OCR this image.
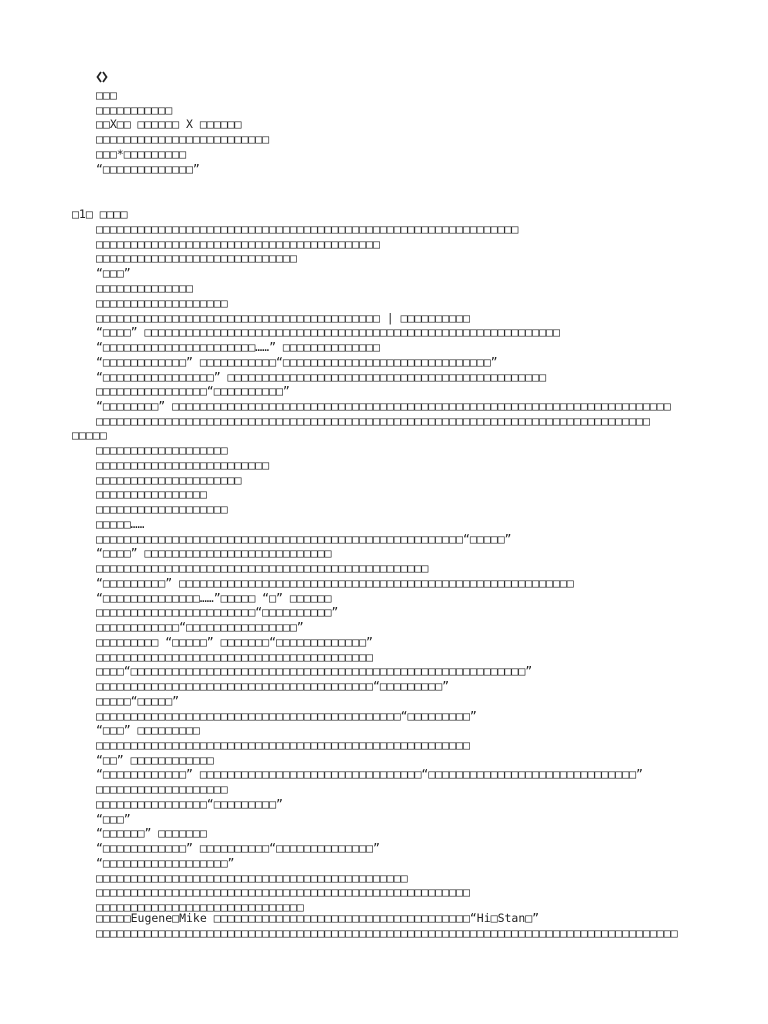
□□□
□□□□□□□□□□□
□□X□□ □□□□□□ X □□□□□□
□□□□□□□□□□□□□□□□□□□□□□□□□
□□□*□□□□□□□□□
“□□□□□□□□□□□□□”
□1□ □□□□
□□□□□□□□□□□□□□□□□□□□□□□□□□□□□□□□□□□□□□□□□□□□□□□□□□□□□□□□□□□□□
□□□□□□□□□□□□□□□□□□□□□□□□□□□□□□□□□□□□□□□□□
□□□□□□□□□□□□□□□□□□□□□□□□□□□□□
“□□□”
□□□□□□□□□□□□□□
□□□□□□□□□□□□□□□□□□□
□□□□□□□□□□□□□□□□□□□□□□□□□□□□□□□□□□□□□□□□□ | □□□□□□□□□□
“□□□□” □□□□□□□□□□□□□□□□□□□□□□□□□□□□□□□□□□□□□□□□□□□□□□□□□□□□□□□□□□□□
“□□□□□□□□□□□□□□□□□□□□□□……” □□□□□□□□□□□□□□
“□□□□□□□□□□□□” □□□□□□□□□□□“□□□□□□□□□□□□□□□□□□□□□□□□□□□□□□”
“□□□□□□□□□□□□□□□□” □□□□□□□□□□□□□□□□□□□□□□□□□□□□□□□□□□□□□□□□□□□□□□
□□□□□□□□□□□□□□□□“□□□□□□□□□□”
“□□□□□□□□” □□□□□□□□□□□□□□□□□□□□□□□□□□□□□□□□□□□□□□□□□□□□□□□□□□□□□□□□□□□□□□□□□□□□□□□□
□□□□□□□□□□□□□□□□□□□□□□□□□□□□□□□□□□□□□□□□□□□□□□□□□□□□□□□□□□□□□□□□□□□□□□□□□□□□□□□□
□□□□□
□□□□□□□□□□□□□□□□□□□
□□□□□□□□□□□□□□□□□□□□□□□□□
□□□□□□□□□□□□□□□□□□□□□
□□□□□□□□□□□□□□□□
□□□□□□□□□□□□□□□□□□□
□□□□□……
□□□□□□□□□□□□□□□□□□□□□□□□□□□□□□□□□□□□□□□□□□□□□□□□□□□□□“□□□□□”
“□□□□” □□□□□□□□□□□□□□□□□□□□□□□□□□□
□□□□□□□□□□□□□□□□□□□□□□□□□□□□□□□□□□□□□□□□□□□□□□□□
“□□□□□□□□□” □□□□□□□□□□□□□□□□□□□□□□□□□□□□□□□□□□□□□□□□□□□□□□□□□□□□□□□□□
“□□□□□□□□□□□□□□……”□□□□□ “□” □□□□□□
□□□□□□□□□□□□□□□□□□□□□□□“□□□□□□□□□□”
□□□□□□□□□□□□“□□□□□□□□□□□□□□□□”
□□□□□□□□□ “□□□□□” □□□□□□□“□□□□□□□□□□□□□”
□□□□□□□□□□□□□□□□□□□□□□□□□□□□□□□□□□□□□□□□
□□□□“□□□□□□□□□□□□□□□□□□□□□□□□□□□□□□□□□□□□□□□□□□□□□□□□□□□□□□□□□”
□□□□□□□□□□□□□□□□□□□□□□□□□□□□□□□□□□□□□□□□“□□□□□□□□□”
□□□□□“□□□□□”
□□□□□□□□□□□□□□□□□□□□□□□□□□□□□□□□□□□□□□□□□□□□“□□□□□□□□□”
“□□□” □□□□□□□□□
□□□□□□□□□□□□□□□□□□□□□□□□□□□□□□□□□□□□□□□□□□□□□□□□□□□□□□
“□□” □□□□□□□□□□□□
“□□□□□□□□□□□□” □□□□□□□□□□□□□□□□□□□□□□□□□□□□□□□□“□□□□□□□□□□□□□□□□□□□□□□□□□□□□□□”
□□□□□□□□□□□□□□□□□□□
□□□□□□□□□□□□□□□□“□□□□□□□□□”
“□□□”
“□□□□□□” □□□□□□□
“□□□□□□□□□□□□” □□□□□□□□□□“□□□□□□□□□□□□□□”
“□□□□□□□□□□□□□□□□□□”
□□□□□□□□□□□□□□□□□□□□□□□□□□□□□□□□□□□□□□□□□□□□□
□□□□□□□□□□□□□□□□□□□□□□□□□□□□□□□□□□□□□□□□□□□□□□□□□□□□□□
□□□□□□□□□□□□□□□□□□□□□□□□□□□□□□
□□□□□Eugene□Mike □□□□□□□□□□□□□□□□□□□□□□□□□□□□□□□□□□□□□“Hi□Stan□”
□□□□□□□□□□□□□□□□□□□□□□□□□□□□□□□□□□□□□□□□□□□□□□□□□□□□□□□□□□□□□□□□□□□□□□□□□□□□□□□□□□□□
